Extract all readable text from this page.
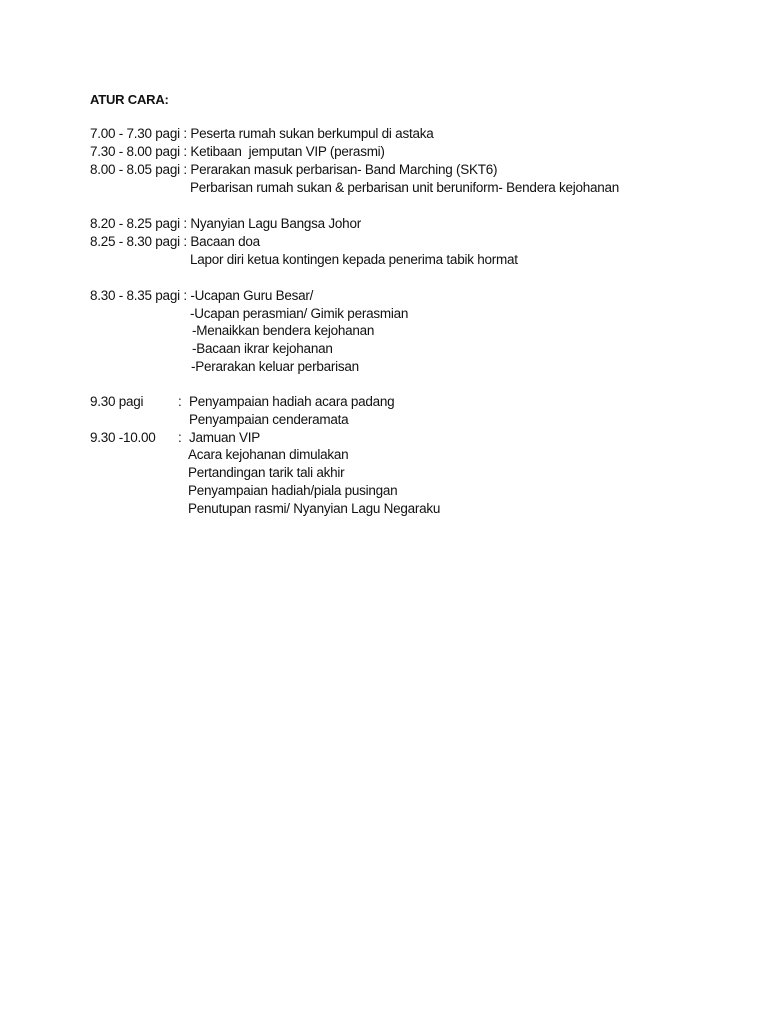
ATUR CARA:
7.00 - 7.30 pagi : Peserta rumah sukan berkumpul di astaka
7.30 - 8.00 pagi : Ketibaan  jemputan VIP (perasmi)
8.00 - 8.05 pagi : Perarakan masuk perbarisan- Band Marching (SKT6)
Perbarisan rumah sukan & perbarisan unit beruniform- Bendera kejohanan
8.20 - 8.25 pagi : Nyanyian Lagu Bangsa Johor
8.25 - 8.30 pagi : Bacaan doa
Lapor diri ketua kontingen kepada penerima tabik hormat
8.30 - 8.35 pagi : -Ucapan Guru Besar/
-Ucapan perasmian/ Gimik perasmian
-Menaikkan bendera kejohanan
-Bacaan ikrar kejohanan
-Perarakan keluar perbarisan
9.30 pagi	: Penyampaian hadiah acara padang
Penyampaian cenderamata
9.30 -10.00 : Jamuan VIP
Acara kejohanan dimulakan
Pertandingan tarik tali akhir
Penyampaian hadiah/piala pusingan
Penutupan rasmi/ Nyanyian Lagu Negaraku
